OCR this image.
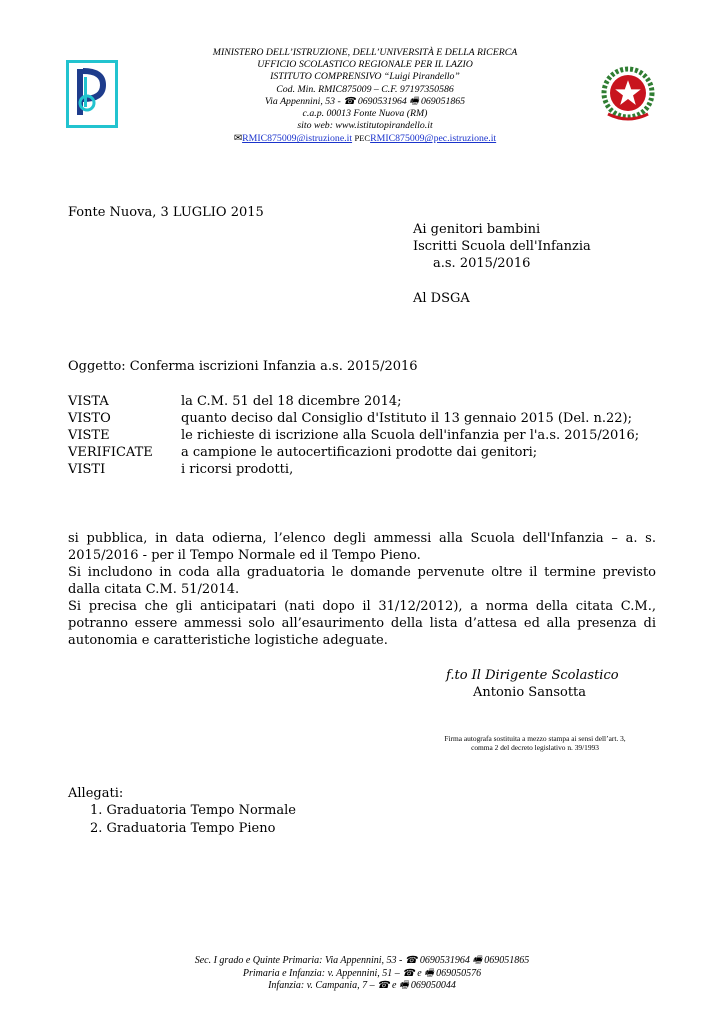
MINISTERO DELL’ISTRUZIONE, DELL’UNIVERSITÀ E DELLA RICERCA
UFFICIO SCOLASTICO REGIONALE PER IL LAZIO
ISTITUTO COMPRENSIVO “Luigi Pirandello”
Cod. Min. RMIC875009 – C.F. 97197350586
Via Appennini, 53 - ☎ 0690531964 🖷 069051865
c.a.p. 00013 Fonte Nuova (RM)
sito web: www.istitutopirandello.it
✉RMIC875009@istruzione.it PECRMIC875009@pec.istruzione.it
Fonte Nuova, 3 LUGLIO 2015
Ai genitori bambini
Iscritti Scuola dell'Infanzia
a.s. 2015/2016
Al DSGA
Oggetto: Conferma iscrizioni Infanzia a.s. 2015/2016
VISTA	la C.M. 51 del 18 dicembre 2014;
VISTO	quanto deciso dal Consiglio d'Istituto il 13 gennaio 2015 (Del. n.22);
VISTE	le richieste di iscrizione alla Scuola dell'infanzia per l'a.s. 2015/2016;
VERIFICATE	a campione le autocertificazioni prodotte dai genitori;
VISTI	i ricorsi prodotti,
si pubblica, in data odierna, l’elenco degli ammessi alla Scuola dell'Infanzia – a. s. 2015/2016 - per il Tempo Normale ed il Tempo Pieno.
Si includono in coda alla graduatoria le domande pervenute oltre il termine previsto dalla citata C.M. 51/2014.
Si precisa che gli anticipatari (nati dopo il 31/12/2012), a norma della citata C.M., potranno essere ammessi solo all’esaurimento della lista d’attesa ed alla presenza di autonomia e caratteristiche logistiche adeguate.
f.to Il Dirigente Scolastico
Antonio Sansotta
Firma autografa sostituita a mezzo stampa ai sensi dell’art. 3,
comma 2 del decreto legislativo n. 39/1993
Allegati:
1. Graduatoria Tempo Normale
2. Graduatoria Tempo Pieno
Sec. I grado e Quinte Primaria: Via Appennini, 53 - ☎ 0690531964 🖷 069051865
Primaria e Infanzia: v. Appennini, 51 – ☎ e 🖷 069050576
Infanzia: v. Campania, 7 – ☎ e 🖷 069050044
